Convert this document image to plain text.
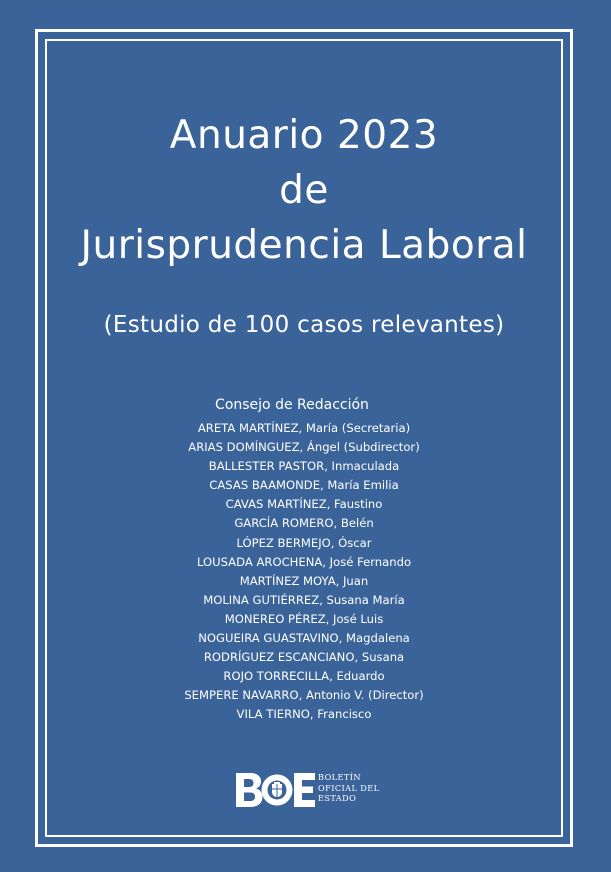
Anuario 2023
de
Jurisprudencia Laboral
(Estudio de 100 casos relevantes)
Consejo de Redacción
ARETA MARTÍNEZ, María (Secretaria)
ARIAS DOMÍNGUEZ, Ángel (Subdirector)
BALLESTER PASTOR, Inmaculada
CASAS BAAMONDE, María Emilia
CAVAS MARTÍNEZ, Faustino
GARCÍA ROMERO, Belén
LÓPEZ BERMEJO, Óscar
LOUSADA AROCHENA, José Fernando
MARTÍNEZ MOYA, Juan
MOLINA GUTIÉRREZ, Susana María
MONEREO PÉREZ, José Luis
NOGUEIRA GUASTAVINO, Magdalena
RODRÍGUEZ ESCANCIANO, Susana
ROJO TORRECILLA, Eduardo
SEMPERE NAVARRO, Antonio V. (Director)
VILA TIERNO, Francisco
BOLETÍN
OFICIAL DEL
ESTADO
